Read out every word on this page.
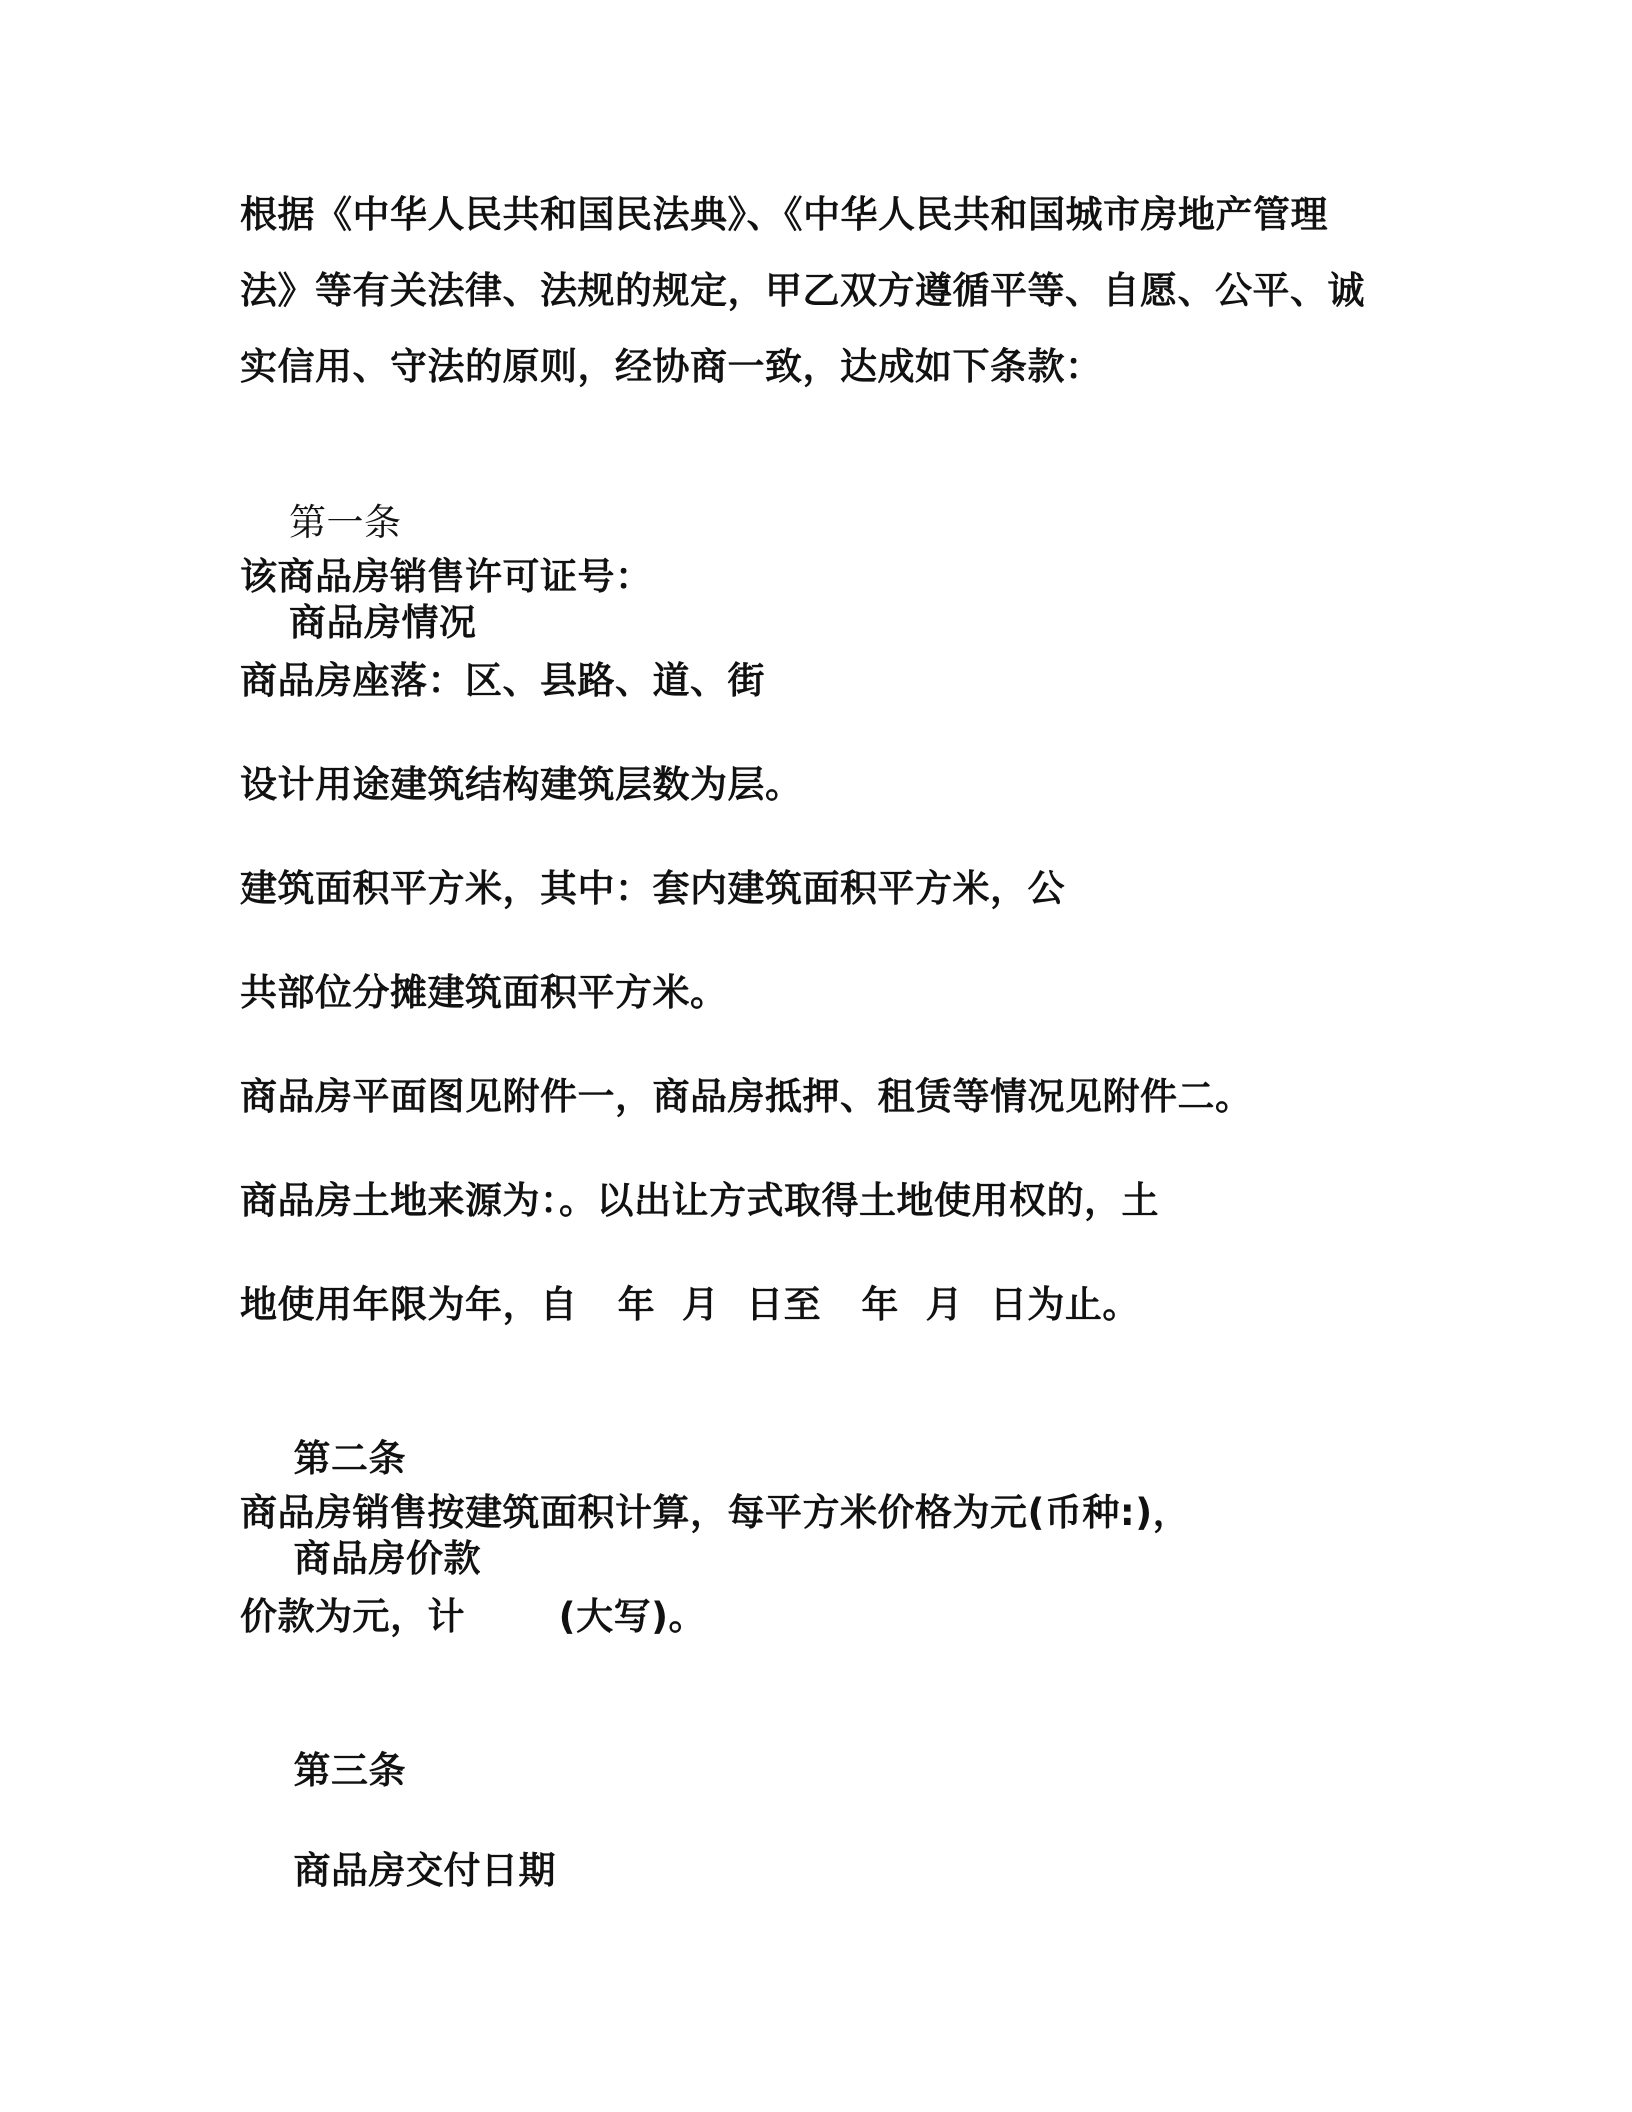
根据《中华人民共和国民法典》、《中华人民共和国城市房地产管理
法》等有关法律、法规的规定，甲乙双方遵循平等、自愿、公平、诚
实信用、守法的原则，经协商一致，达成如下条款：

第一条

商品房情况

该商品房销售许可证号：
商品房座落：区、县路、道、街
设计用途建筑结构建筑层数为层。
建筑面积平方米，其中：套内建筑面积平方米，公
共部位分摊建筑面积平方米。
商品房平面图见附件一，商品房抵押、租赁等情况见附件二。
商品房土地来源为：。以出让方式取得土地使用权的，土
地使用年限为年，自   年  月  日至   年  月  日为止。

第二条

商品房价款

商品房销售按建筑面积计算，每平方米价格为元(币种:)，
价款为元，计       (大写)。

第三条

商品房交付日期
